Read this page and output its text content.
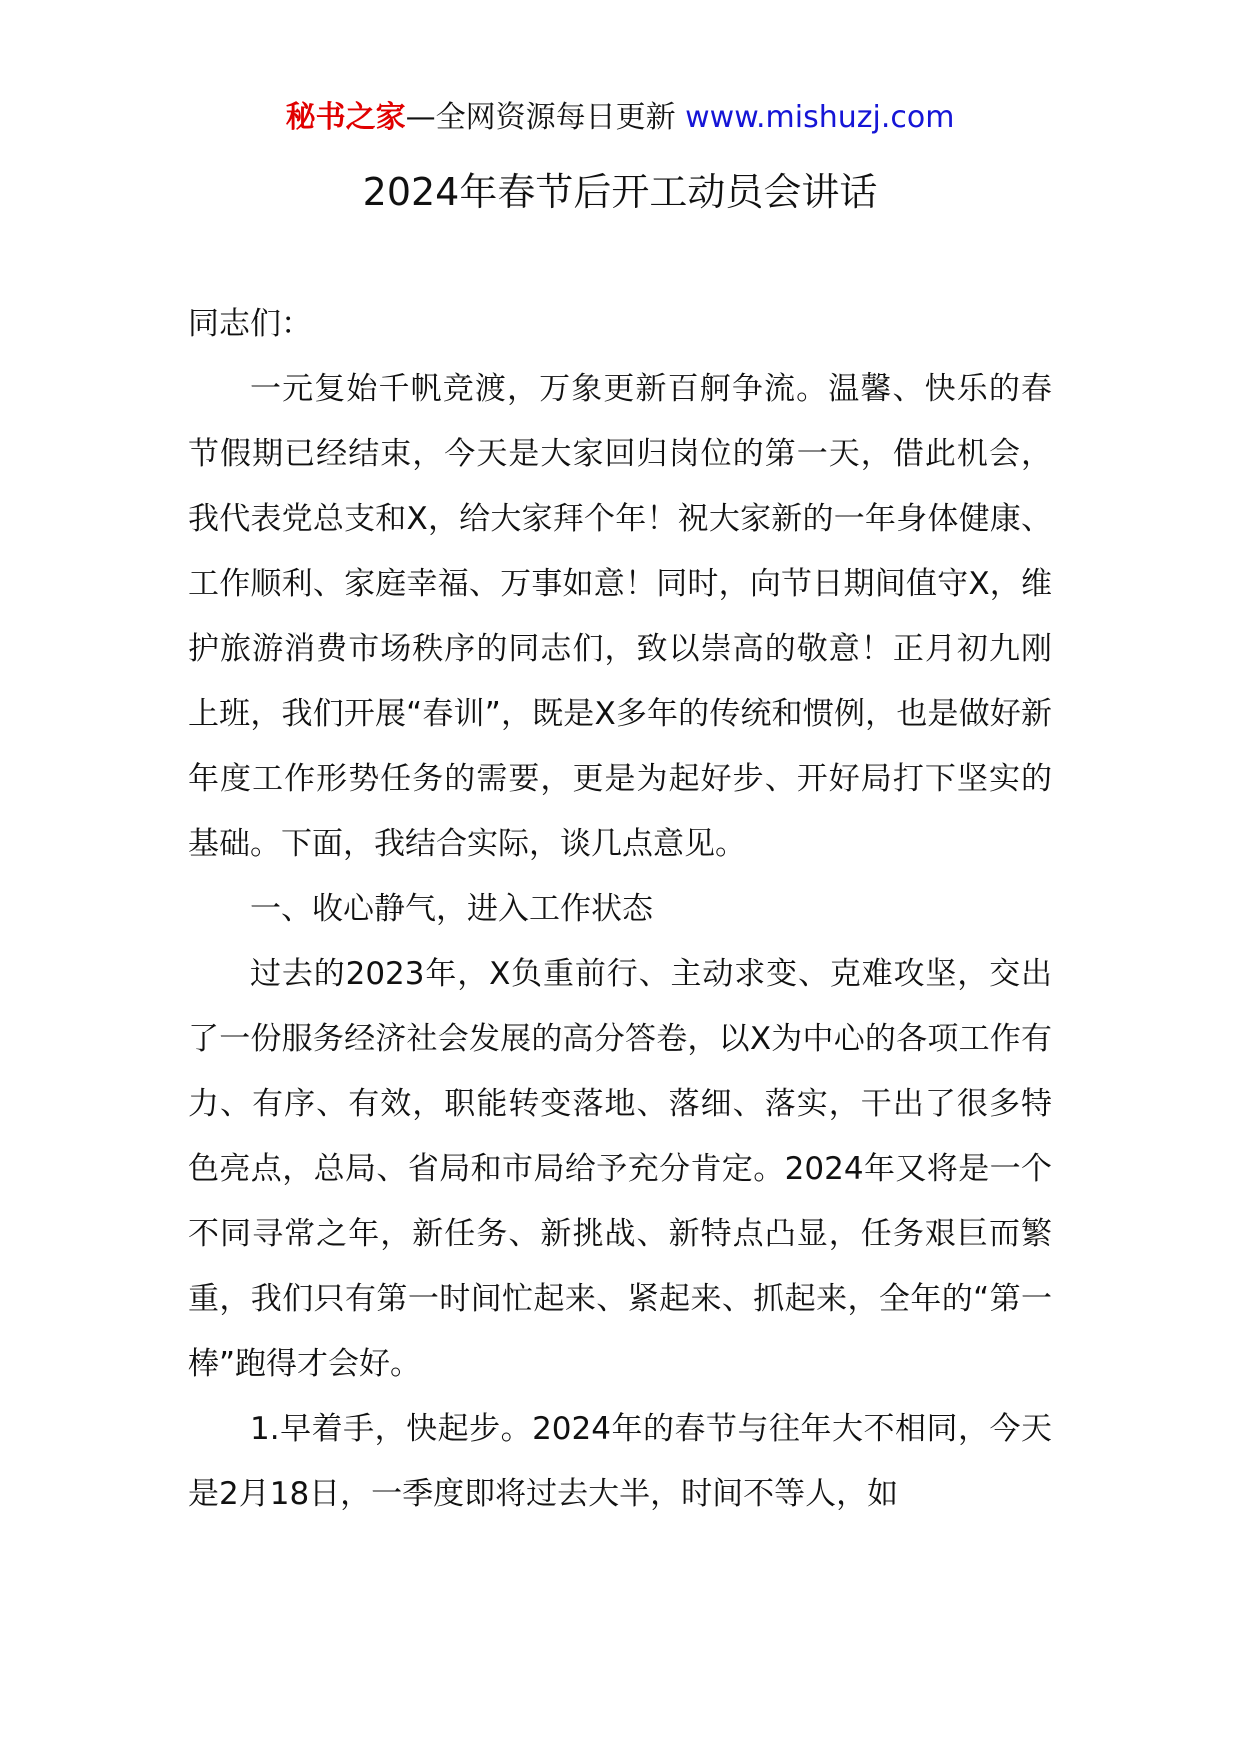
秘书之家—全网资源每日更新 www.mishuzj.com
2024年春节后开工动员会讲话

同志们：

一元复始千帆竞渡，万象更新百舸争流。温馨、快乐的春节假期已经结束，今天是大家回归岗位的第一天，借此机会，我代表党总支和X，给大家拜个年！祝大家新的一年身体健康、工作顺利、家庭幸福、万事如意！同时，向节日期间值守X，维护旅游消费市场秩序的同志们，致以崇高的敬意！正月初九刚上班，我们开展“春训”，既是X多年的传统和惯例，也是做好新年度工作形势任务的需要，更是为起好步、开好局打下坚实的基础。下面，我结合实际，谈几点意见。

一、收心静气，进入工作状态

过去的2023年，X负重前行、主动求变、克难攻坚，交出了一份服务经济社会发展的高分答卷，以X为中心的各项工作有力、有序、有效，职能转变落地、落细、落实，干出了很多特色亮点，总局、省局和市局给予充分肯定。2024年又将是一个不同寻常之年，新任务、新挑战、新特点凸显，任务艰巨而繁重，我们只有第一时间忙起来、紧起来、抓起来，全年的“第一棒”跑得才会好。

1.早着手，快起步。2024年的春节与往年大不相同，今天是2月18日，一季度即将过去大半，时间不等人，如
